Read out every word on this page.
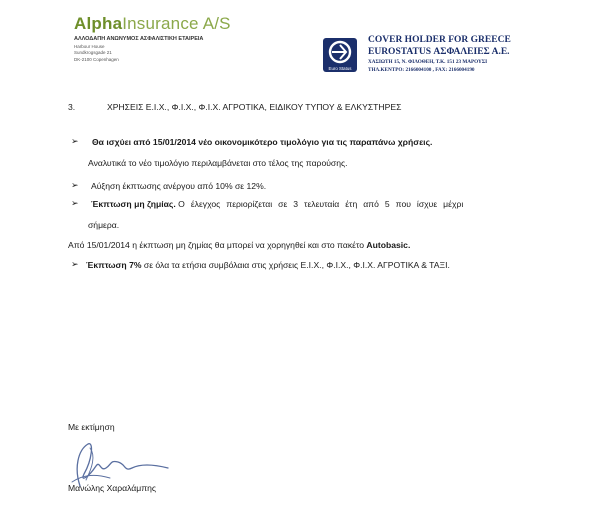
AlphaInsurance A/S
ΑΛΛΟΔΑΠΗ ΑΝΩΝΥΜΟΣ ΑΣΦΑΛΙΣΤΙΚΗ ΕΤΑΙΡΕΙΑ
Harbour House
Sundkrogsgade 21
DK-2100 Copenhagen
Euro Status
COVER HOLDER FOR GREECE
EUROSTATUS ΑΣΦΑΛΕΙΕΣ Α.Ε.
ΧΑΣΙΩΤΗ 15, Ν. ΦΙΛΟΘΕΗ, Τ.Κ. 151 23 ΜΑΡΟΥΣΙ
ΤΗΛ.ΚΕΝΤΡΟ: 2166004100 , FAX: 2166004190
3.	ΧΡΗΣΕΙΣ Ε.Ι.Χ., Φ.Ι.Χ., Φ.Ι.Χ. ΑΓΡΟΤΙΚΑ, ΕΙΔΙΚΟΥ ΤΥΠΟΥ & ΕΛΚΥΣΤΗΡΕΣ
➢ Θα ισχύει από 15/01/2014 νέο οικονομικότερο τιμολόγιο για τις παραπάνω χρήσεις.
Αναλυτικά το νέο τιμολόγιο περιλαμβάνεται στο τέλος της παρούσης.
➢ Αύξηση έκπτωσης ανέργου από 10% σε 12%.
➢ Έκπτωση μη ζημίας. Ο έλεγχος περιορίζεται σε 3 τελευταία έτη από 5 που ίσχυε μέχρι
σήμερα.
Από 15/01/2014 η έκπτωση μη ζημίας θα μπορεί να χορηγηθεί και στο πακέτο Autobasic.
➢ Έκπτωση 7% σε όλα τα ετήσια συμβόλαια στις χρήσεις Ε.Ι.Χ., Φ.Ι.Χ., Φ.Ι.Χ. ΑΓΡΟΤΙΚΑ & ΤΑΞΙ.
Με εκτίμηση
Μανώλης Χαραλάμπης
